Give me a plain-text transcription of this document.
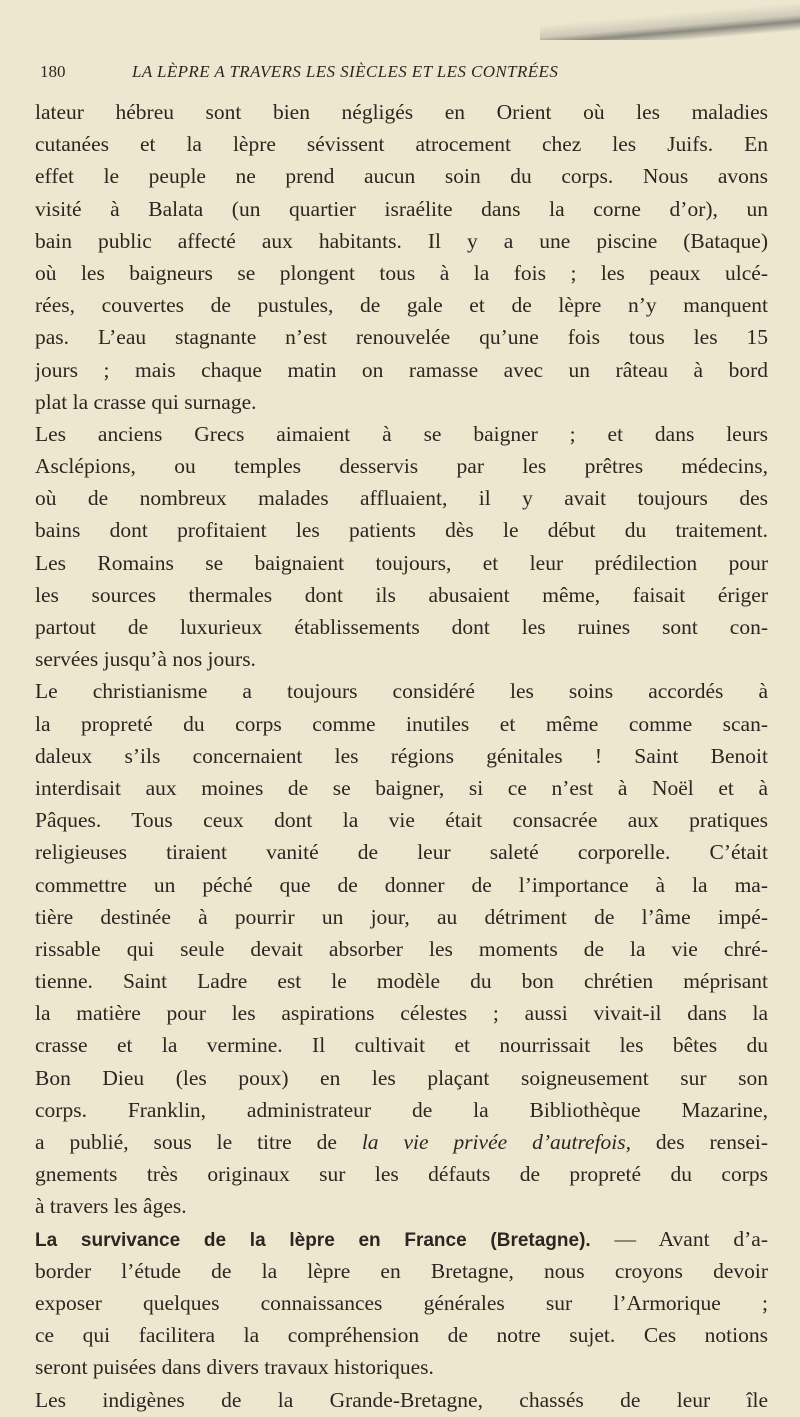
180	LA LÈPRE A TRAVERS LES SIÈCLES ET LES CONTRÉES
lateur hébreu sont bien négligés en Orient où les maladies
cutanées et la lèpre sévissent atrocement chez les Juifs. En
effet le peuple ne prend aucun soin du corps. Nous avons
visité à Balata (un quartier israélite dans la corne d’or), un
bain public affecté aux habitants. Il y a une piscine (Bataque)
où les baigneurs se plongent tous à la fois ; les peaux ulcé-
rées, couvertes de pustules, de gale et de lèpre n’y manquent
pas. L’eau stagnante n’est renouvelée qu’une fois tous les 15
jours ; mais chaque matin on ramasse avec un râteau à bord
plat la crasse qui surnage.
Les anciens Grecs aimaient à se baigner ; et dans leurs
Asclépions, ou temples desservis par les prêtres médecins,
où de nombreux malades affluaient, il y avait toujours des
bains dont profitaient les patients dès le début du traitement.
Les Romains se baignaient toujours, et leur prédilection pour
les sources thermales dont ils abusaient même, faisait ériger
partout de luxurieux établissements dont les ruines sont con-
servées jusqu’à nos jours.
Le christianisme a toujours considéré les soins accordés à
la propreté du corps comme inutiles et même comme scan-
daleux s’ils concernaient les régions génitales ! Saint Benoit
interdisait aux moines de se baigner, si ce n’est à Noël et à
Pâques. Tous ceux dont la vie était consacrée aux pratiques
religieuses tiraient vanité de leur saleté corporelle. C’était
commettre un péché que de donner de l’importance à la ma-
tière destinée à pourrir un jour, au détriment de l’âme impé-
rissable qui seule devait absorber les moments de la vie chré-
tienne. Saint Ladre est le modèle du bon chrétien méprisant
la matière pour les aspirations célestes ; aussi vivait-il dans la
crasse et la vermine. Il cultivait et nourrissait les bêtes du
Bon Dieu (les poux) en les plaçant soigneusement sur son
corps. Franklin, administrateur de la Bibliothèque Mazarine,
a publié, sous le titre de la vie privée d’autrefois, des rensei-
gnements très originaux sur les défauts de propreté du corps
à travers les âges.
La survivance de la lèpre en France (Bretagne). — Avant d’a-
border l’étude de la lèpre en Bretagne, nous croyons devoir
exposer quelques connaissances générales sur l’Armorique ;
ce qui facilitera la compréhension de notre sujet. Ces notions
seront puisées dans divers travaux historiques.
Les indigènes de la Grande-Bretagne, chassés de leur île
